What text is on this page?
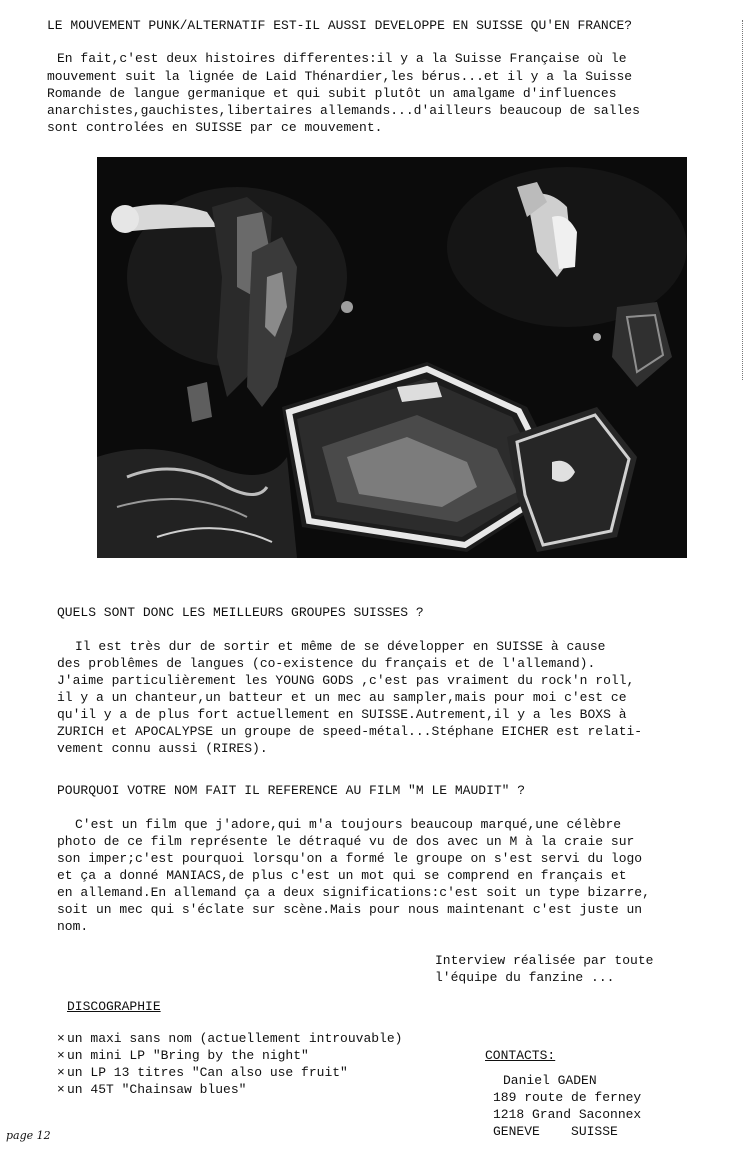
LE MOUVEMENT PUNK/ALTERNATIF EST-IL AUSSI DEVELOPPE EN SUISSE QU'EN FRANCE?
En fait,c'est deux histoires differentes:il y a la Suisse Française où le
mouvement suit la lignée de Laid Thénardier,les bérus...et il y a la Suisse
Romande de langue germanique et qui subit plutôt un amalgame d'influences
anarchistes,gauchistes,libertaires allemands...d'ailleurs beaucoup de salles
sont controlées en SUISSE par ce mouvement.
QUELS SONT DONC LES MEILLEURS GROUPES SUISSES ?
Il est très dur de sortir et même de se développer en SUISSE à cause
des problêmes de langues (co-existence du français et de l'allemand).
J'aime particulièrement les YOUNG GODS ,c'est pas vraiment du rock'n roll,
il y a un chanteur,un batteur et un mec au sampler,mais pour moi c'est ce
qu'il y a de plus fort actuellement en SUISSE.Autrement,il y a les BOXS à
ZURICH et APOCALYPSE un groupe de speed-métal...Stéphane EICHER est relati-
vement connu aussi (RIRES).
POURQUOI VOTRE NOM FAIT IL REFERENCE AU FILM "M LE MAUDIT" ?
C'est un film que j'adore,qui m'a toujours beaucoup marqué,une célèbre
photo de ce film représente le détraqué vu de dos avec un M à la craie sur
son imper;c'est pourquoi lorsqu'on a formé le groupe on s'est servi du logo
et ça a donné MANIACS,de plus c'est un mot qui se comprend en français et
en allemand.En allemand ça a deux significations:c'est soit un type bizarre,
soit un mec qui s'éclate sur scène.Mais pour nous maintenant c'est juste un
nom.
Interview réalisée par toute
l'équipe du fanzine ...
DISCOGRAPHIE
× un maxi sans nom (actuellement introuvable)
× un mini LP "Bring by the night"
× un LP 13 titres "Can also use fruit"
× un 45T "Chainsaw blues"
CONTACTS:
Daniel GADEN
189 route de ferney
1218 Grand Saconnex
GENEVE    SUISSE
page 12
